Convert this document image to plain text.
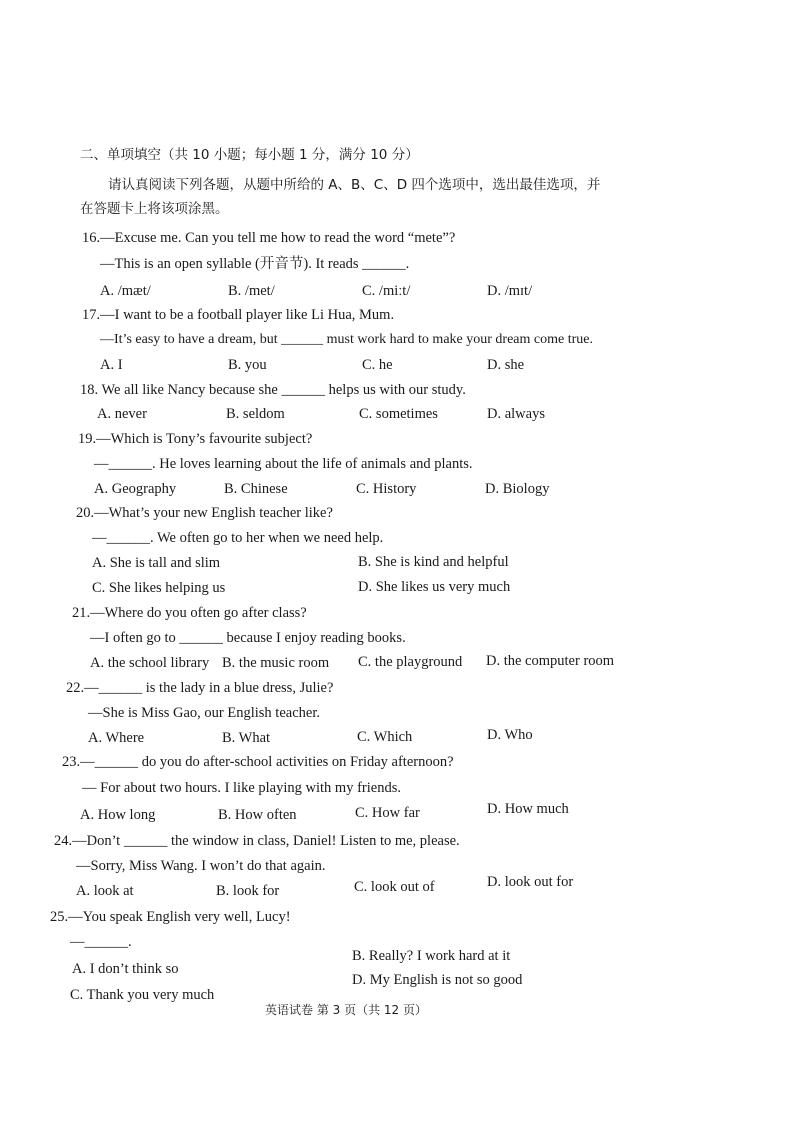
二、单项填空（共 10 小题；每小题 1 分，满分 10 分）
请认真阅读下列各题，从题中所给的 A、B、C、D 四个选项中，选出最佳选项，并
在答题卡上将该项涂黑。
16.—Excuse me. Can you tell me how to read the word “mete”?
—This is an open syllable (开音节). It reads ______.
A. /mæt/	B. /met/	C. /miːt/	D. /mɪt/
17.—I want to be a football player like Li Hua, Mum.
—It’s easy to have a dream, but ______ must work hard to make your dream come true.
A. I	B. you	C. he	D. she
18. We all like Nancy because she ______ helps us with our study.
A. never	B. seldom	C. sometimes	D. always
19.—Which is Tony’s favourite subject?
—______. He loves learning about the life of animals and plants.
A. Geography	B. Chinese	C. History	D. Biology
20.—What’s your new English teacher like?
—______. We often go to her when we need help.
A. She is tall and slim	B. She is kind and helpful
C. She likes helping us	D. She likes us very much
21.—Where do you often go after class?
—I often go to ______ because I enjoy reading books.
A. the school library B. the music room C. the playground D. the computer room
22.—______ is the lady in a blue dress, Julie?
—She is Miss Gao, our English teacher.
A. Where	B. What	C. Which	D. Who
23.—______ do you do after-school activities on Friday afternoon?
— For about two hours. I like playing with my friends.
A. How long	B. How often	C. How far	D. How much
24.—Don’t ______ the window in class, Daniel! Listen to me, please.
—Sorry, Miss Wang. I won’t do that again.
A. look at	B. look for	C. look out of	D. look out for
25.—You speak English very well, Lucy!
—______.
A. I don’t think so
B. Really? I work hard at it
C. Thank you very much
D. My English is not so good
英语试卷 第 3 页（共 12 页）
